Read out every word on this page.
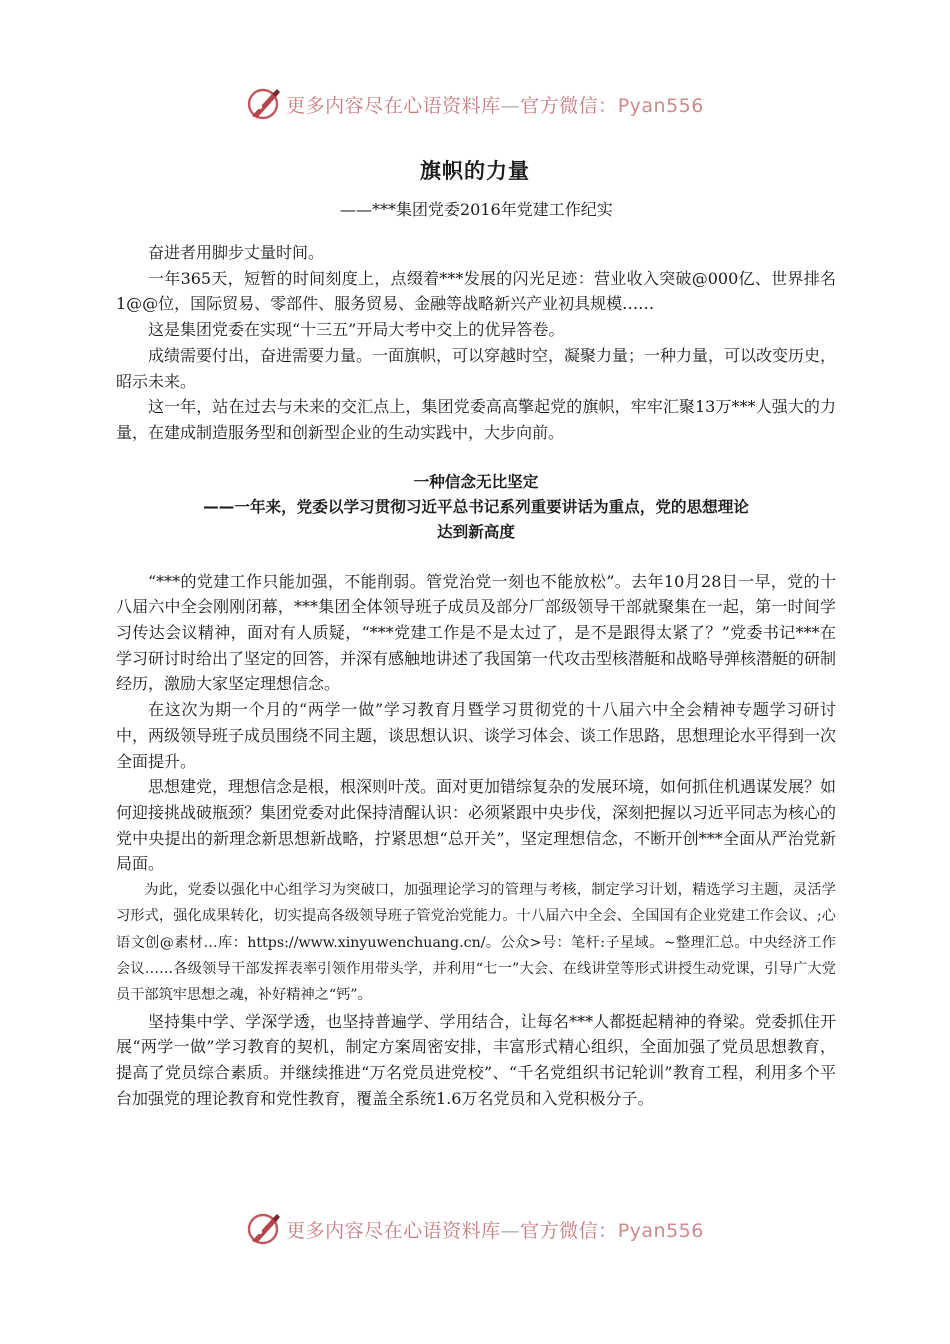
更多内容尽在心语资料库—官方微信：Pyan556
旗帜的力量
——***集团党委2016年党建工作纪实

奋进者用脚步丈量时间。

一年365天，短暂的时间刻度上，点缀着***发展的闪光足迹：营业收入突破@000亿、世界排名1@@位，国际贸易、零部件、服务贸易、金融等战略新兴产业初具规模……

这是集团党委在实现“十三五”开局大考中交上的优异答卷。

成绩需要付出，奋进需要力量。一面旗帜，可以穿越时空，凝聚力量；一种力量，可以改变历史，昭示未来。

这一年，站在过去与未来的交汇点上，集团党委高高擎起党的旗帜，牢牢汇聚13万***人强大的力量，在建成制造服务型和创新型企业的生动实践中，大步向前。

一种信念无比坚定
——一年来，党委以学习贯彻习近平总书记系列重要讲话为重点，党的思想理论
达到新高度

“***的党建工作只能加强，不能削弱。管党治党一刻也不能放松”。去年10月28日一早，党的十八届六中全会刚刚闭幕，***集团全体领导班子成员及部分厂部级领导干部就聚集在一起，第一时间学习传达会议精神，面对有人质疑，“***党建工作是不是太过了，是不是跟得太紧了？”党委书记***在学习研讨时给出了坚定的回答，并深有感触地讲述了我国第一代攻击型核潜艇和战略导弹核潜艇的研制经历，激励大家坚定理想信念。

在这次为期一个月的“两学一做”学习教育月暨学习贯彻党的十八届六中全会精神专题学习研讨中，两级领导班子成员围绕不同主题，谈思想认识、谈学习体会、谈工作思路，思想理论水平得到一次全面提升。

思想建党，理想信念是根，根深则叶茂。面对更加错综复杂的发展环境，如何抓住机遇谋发展？如何迎接挑战破瓶颈？集团党委对此保持清醒认识：必须紧跟中央步伐，深刻把握以习近平同志为核心的党中央提出的新理念新思想新战略，拧紧思想“总开关”，坚定理想信念，不断开创***全面从严治党新局面。

为此，党委以强化中心组学习为突破口，加强理论学习的管理与考核，制定学习计划，精选学习主题，灵活学习形式，强化成果转化，切实提高各级领导班子管党治党能力。十八届六中全会、全国国有企业党建工作会议、;心语文创@素材…库：https://www.xinyuwenchuang.cn/。公众>号：笔杆:子星域。~整理汇总。中央经济工作会议……各级领导干部发挥表率引领作用带头学，并利用“七一”大会、在线讲堂等形式讲授生动党课，引导广大党员干部筑牢思想之魂，补好精神之“钙”。

坚持集中学、学深学透，也坚持普遍学、学用结合，让每名***人都挺起精神的脊梁。党委抓住开展“两学一做”学习教育的契机，制定方案周密安排，丰富形式精心组织，全面加强了党员思想教育，提高了党员综合素质。并继续推进“万名党员进党校”、“千名党组织书记轮训”教育工程，利用多个平台加强党的理论教育和党性教育，覆盖全系统1.6万名党员和入党积极分子。

更多内容尽在心语资料库—官方微信：Pyan556
